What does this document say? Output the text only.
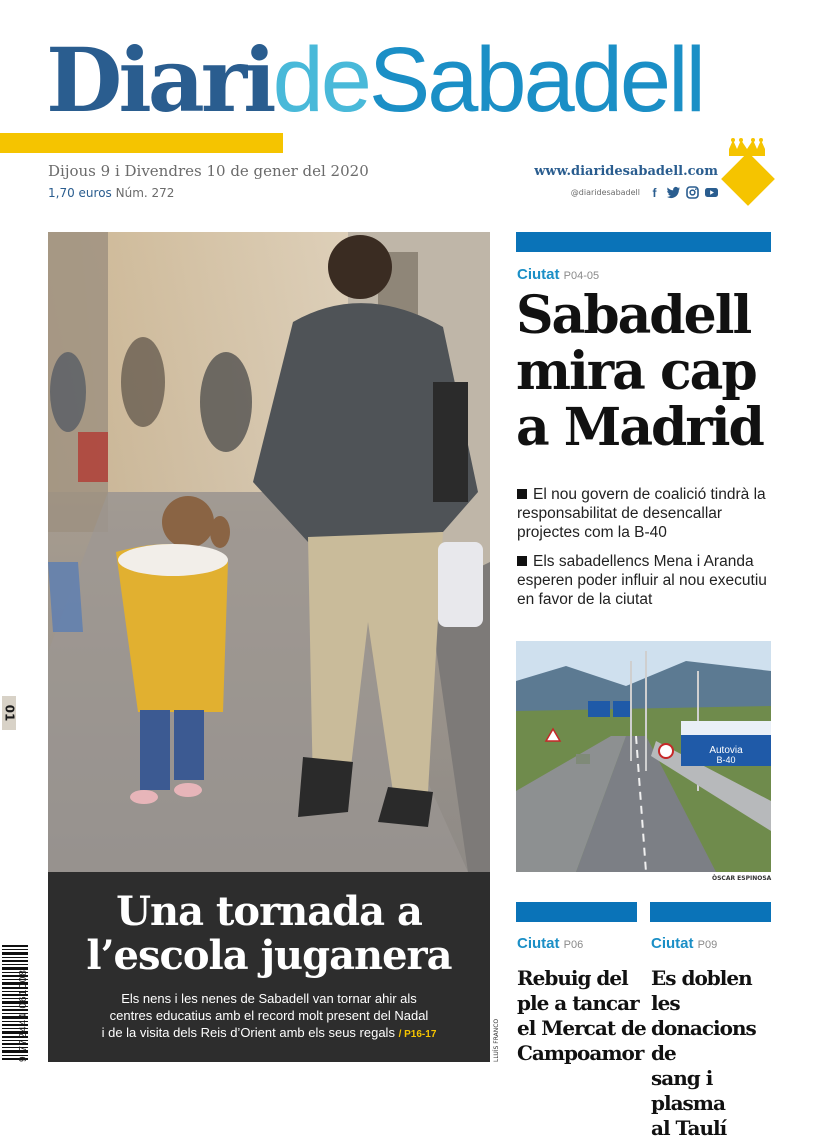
DiarideSabadell
Dijous 9 i Divendres 10 de gener del 2020
1,70 euros Núm. 272
www.diaridesabadell.com
@diaridesabadell	f
Una tornada a
l’escola juganera
Els nens i les nenes de Sabadell van tornar ahir als
centres educatius amb el record molt present del Nadal
i de la visita dels Reis d’Orient amb els seus regals / P16-17	LLUÍS FRANCO
01
9 772444 061008
Ciutat P04-05
Sabadell
mira cap
a Madrid
El nou govern de coalició tindrà la responsabilitat de desencallar projectes com la B-40
Els sabadellencs Mena i Aranda esperen poder influir al nou executiu en favor de la ciutat
Autovia
B-40
ÒSCAR ESPINOSA
Ciutat P06
Rebuig del
ple a tancar
el Mercat de
Campoamor
Ciutat P09
Es doblen les
donacions de
sang i plasma
al Taulí
